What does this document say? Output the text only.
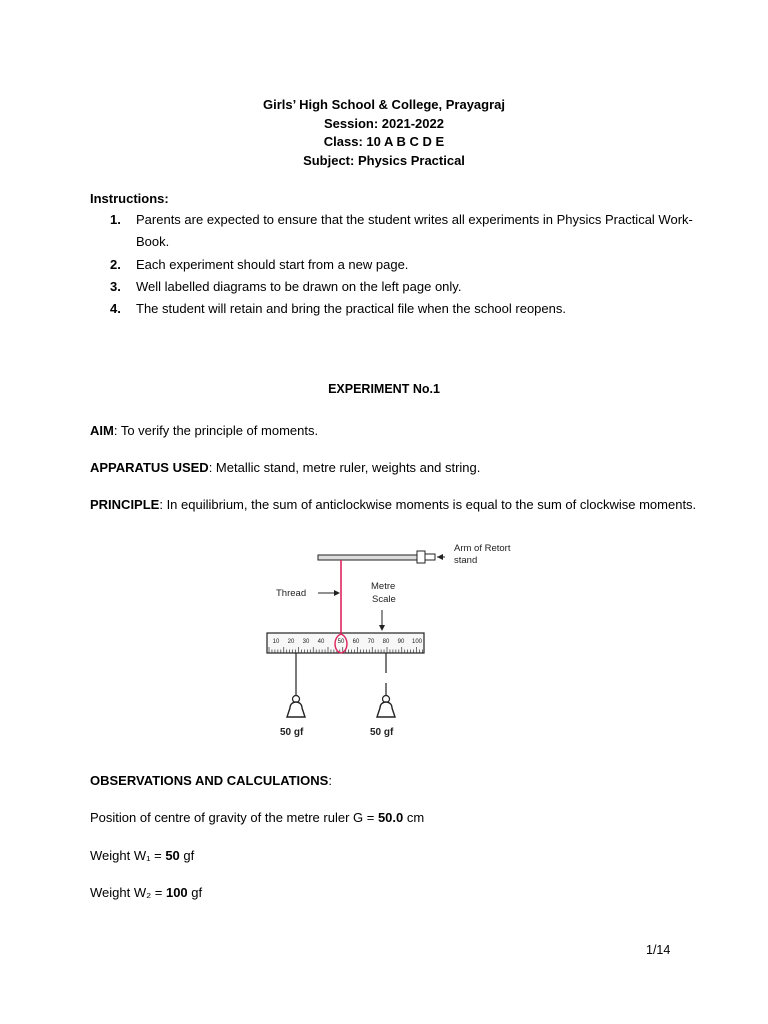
Girls’ High School & College, Prayagraj
Session: 2021-2022
Class: 10 A B C D E
Subject: Physics Practical
Instructions:
1.	Parents are expected to ensure that the student writes all experiments in Physics Practical Work-Book.
2.	Each experiment should start from a new page.
3.	Well labelled diagrams to be drawn on the left page only.
4.	The student will retain and bring the practical file when the school reopens.
EXPERIMENT No.1
AIM: To verify the principle of moments.
APPARATUS USED: Metallic stand, metre ruler, weights and string.
PRINCIPLE: In equilibrium, the sum of anticlockwise moments is equal to the sum of clockwise moments.
Arm of Retort
stand
Thread
Metre
Scale
10 20 30 40 50 60 70 80 90 100
50 gf	50 gf
OBSERVATIONS AND CALCULATIONS:
Position of centre of gravity of the metre ruler G = 50.0 cm
Weight W₁ = 50 gf
Weight W₂ = 100 gf
1/14
